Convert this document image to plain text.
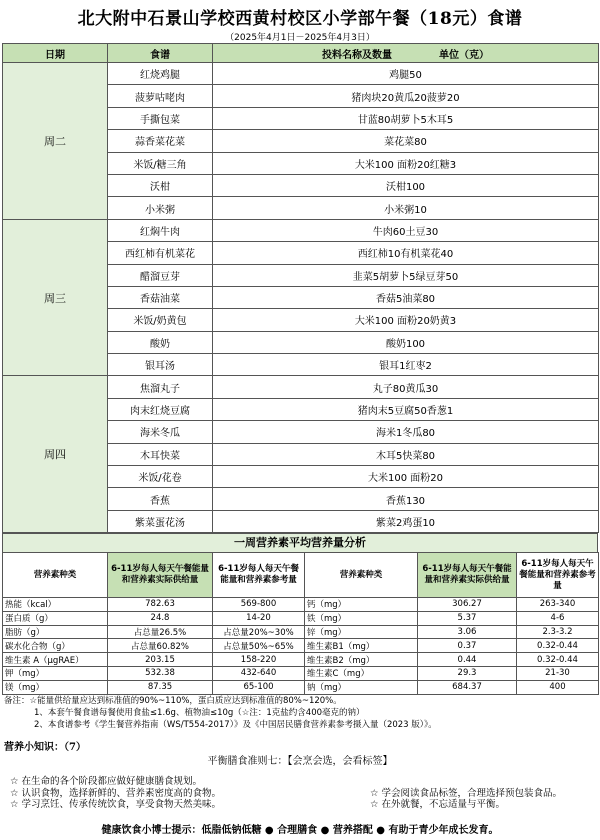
北大附中石景山学校西黄村校区小学部午餐（18元）食谱
（2025年4月1日－2025年4月3日）
日期	食谱	投料名称及数量 单位（克）
周二	红烧鸡腿	鸡腿50
	菠萝咕咾肉	猪肉块20黄瓜20菠萝20
	手撕包菜	甘蓝80胡萝卜5木耳5
	蒜香菜花菜	菜花菜80
	米饭/糖三角	大米100 面粉20红糖3
	沃柑	沃柑100
	小米粥	小米粥10
周三	红焖牛肉	牛肉60土豆30
	西红柿有机菜花	西红柿10有机菜花40
	醋溜豆芽	韭菜5胡萝卜5绿豆芽50
	香菇油菜	香菇5油菜80
	米饭/奶黄包	大米100 面粉20奶黄3
	酸奶	酸奶100
	银耳汤	银耳1红枣2
周四	焦溜丸子	丸子80黄瓜30
	肉末红烧豆腐	猪肉末5豆腐50香葱1
	海米冬瓜	海米1冬瓜80
	木耳快菜	木耳5快菜80
	米饭/花卷	大米100 面粉20
	香蕉	香蕉130
	紫菜蛋花汤	紫菜2鸡蛋10
一周营养素平均营养量分析
营养素种类	6-11岁每人每天午餐能量和营养素实际供给量	6-11岁每人每天午餐能量和营养素参考量	营养素种类	6-11岁每人每天午餐能量和营养素实际供给量	6-11岁每人每天午餐能量和营养素参考量
热能（kcal）	782.63	569-800	钙（mg）	306.27	263-340
蛋白质（g）	24.8	14-20	铁（mg）	5.37	4-6
脂肪（g）	占总量26.5%	占总量20%~30%	锌（mg）	3.06	2.3-3.2
碳水化合物（g）	占总量60.82%	占总量50%~65%	维生素B1（mg）	0.37	0.32-0.44
维生素 A（μgRAE）	203.15	158-220	维生素B2（mg）	0.44	0.32-0.44
钾（mg）	532.38	432-640	维生素C（mg）	29.3	21-30
镁（mg）	87.35	65-100	钠（mg）	684.37	400
备注：☆能量供给量应达到标准值的90%~110%，蛋白质应达到标准值的80%~120%。
1、本套午餐食谱每餐使用食盐≤1.6g、植物油≤10g（☆注：1克盐约含400毫克的钠）
2、本食谱参考《学生餐营养指南（WS/T554-2017）》及《中国居民膳食营养素参考摄入量（2023 版）》。
营养小知识：（7）
平衡膳食准则七：【会烹会选，会看标签】
☆ 在生命的各个阶段都应做好健康膳食规划。
☆ 认识食物，选择新鲜的、营养素密度高的食物。	☆ 学会阅读食品标签，合理选择预包装食品。
☆ 学习烹饪、传承传统饮食，享受食物天然美味。	☆ 在外就餐，不忘适量与平衡。
健康饮食小博士提示：低脂低钠低糖 ● 合理膳食 ● 营养搭配 ● 有助于青少年成长发育。
